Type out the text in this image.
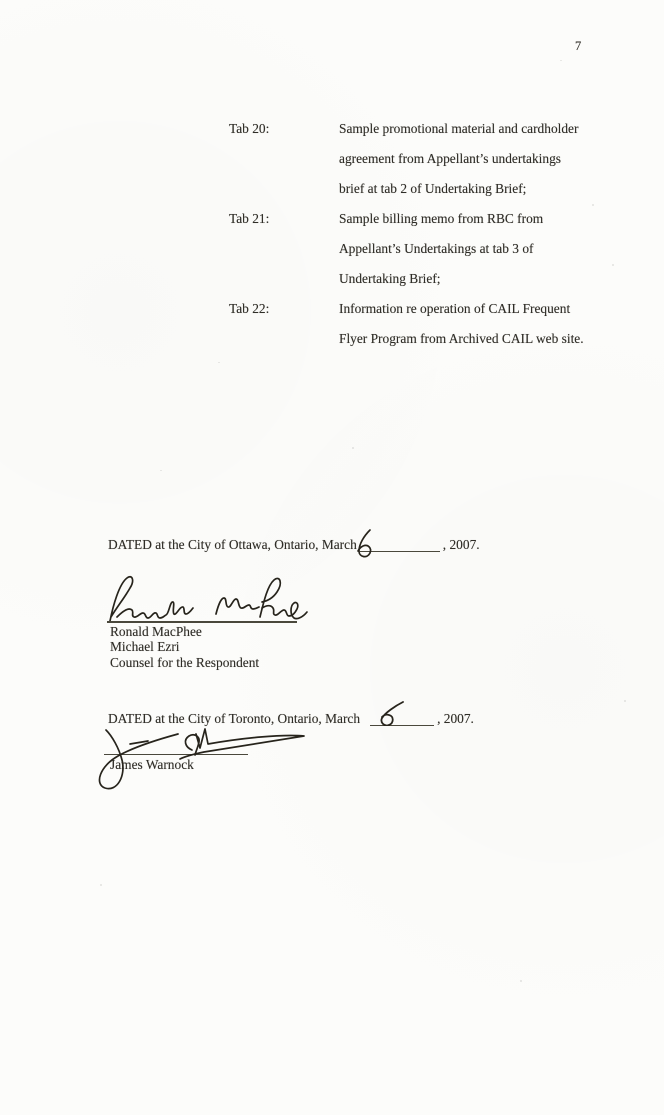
7
Tab 20:	Sample promotional material and cardholder
agreement from Appellant’s undertakings
brief at tab 2 of Undertaking Brief;
Tab 21:	Sample billing memo from RBC from
Appellant’s Undertakings at tab 3 of
Undertaking Brief;
Tab 22:	Information re operation of CAIL Frequent
Flyer Program from Archived CAIL web site.
DATED at the City of Ottawa, Ontario, March	, 2007.
Ronald MacPhee
Michael Ezri
Counsel for the Respondent
DATED at the City of Toronto, Ontario, March	, 2007.
James Warnock
